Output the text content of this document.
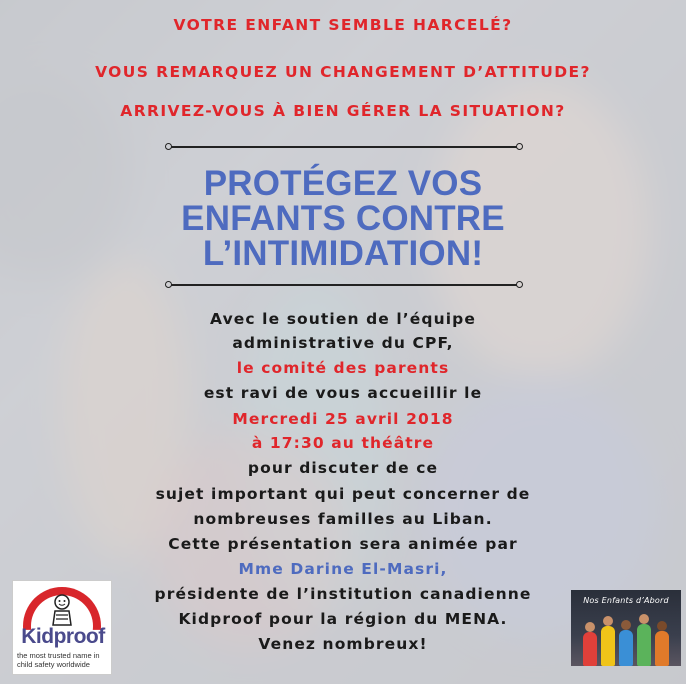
VOTRE ENFANT SEMBLE HARCELÉ?
VOUS REMARQUEZ UN CHANGEMENT D’ATTITUDE?
ARRIVEZ-VOUS À BIEN GÉRER LA SITUATION?
PROTÉGEZ VOS
ENFANTS CONTRE
L’INTIMIDATION!
Avec le soutien de l’équipe
administrative du CPF,
le comité des parents
est ravi de vous accueillir le
Mercredi 25 avril 2018
à 17:30 au théâtre
pour discuter de ce
sujet important qui peut concerner de
nombreuses familles au Liban.
Cette présentation sera animée par
Mme Darine El-Masri,
présidente de l’institution canadienne
Kidproof pour la région du MENA.
Venez nombreux!
Kidproof
the most trusted name in
child safety worldwide
Nos Enfants d’Abord
